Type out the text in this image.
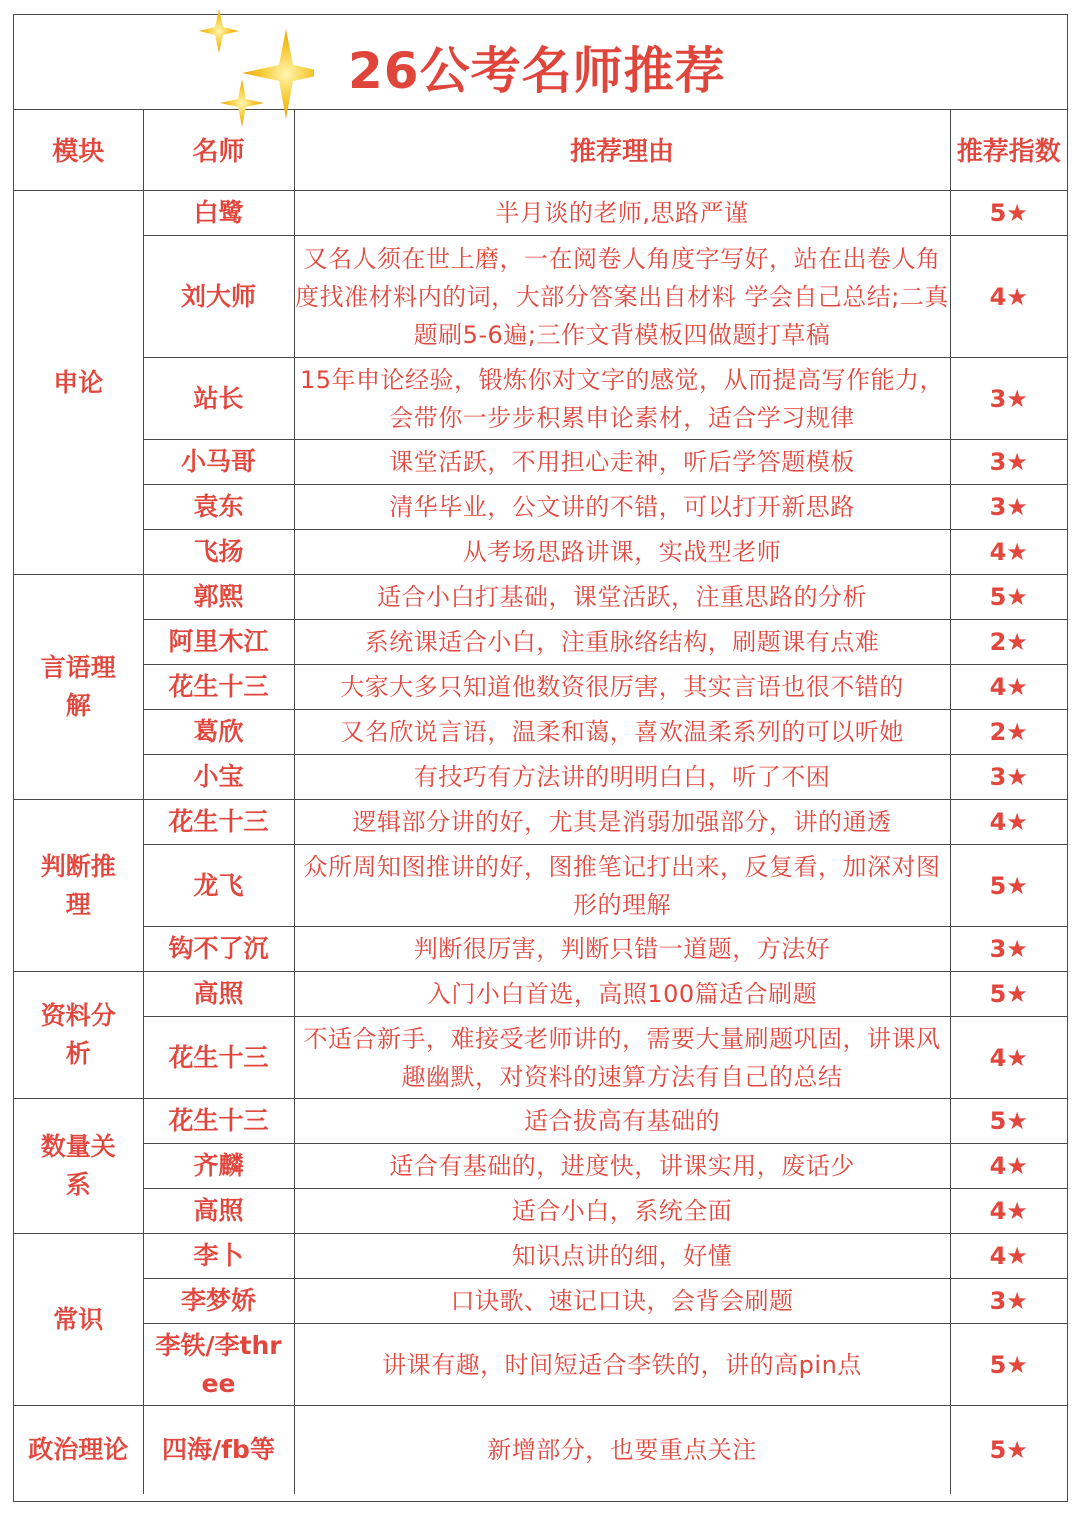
26公考名师推荐
模块	名师	推荐理由	推荐指数
申论	白鹭	半月谈的老师,思路严谨	5★
	刘大师	又名人须在世上磨，一在阅卷人角度字写好，站在出卷人角度找准材料内的词，大部分答案出自材料 学会自己总结;二真题刷5-6遍;三作文背模板四做题打草稿	4★
	站长	15年申论经验，锻炼你对文字的感觉，从而提高写作能力，会带你一步步积累申论素材，适合学习规律	3★
	小马哥	课堂活跃，不用担心走神，听后学答题模板	3★
	袁东	清华毕业，公文讲的不错，可以打开新思路	3★
	飞扬	从考场思路讲课，实战型老师	4★
言语理解	郭熙	适合小白打基础，课堂活跃，注重思路的分析	5★
	阿里木江	系统课适合小白，注重脉络结构，刷题课有点难	2★
	花生十三	大家大多只知道他数资很厉害，其实言语也很不错的	4★
	葛欣	又名欣说言语，温柔和蔼，喜欢温柔系列的可以听她	2★
	小宝	有技巧有方法讲的明明白白，听了不困	3★
判断推理	花生十三	逻辑部分讲的好，尤其是消弱加强部分，讲的通透	4★
	龙飞	众所周知图推讲的好，图推笔记打出来，反复看，加深对图形的理解	5★
	钩不了沉	判断很厉害，判断只错一道题，方法好	3★
资料分析	高照	入门小白首选，高照100篇适合刷题	5★
	花生十三	不适合新手，难接受老师讲的，需要大量刷题巩固，讲课风趣幽默，对资料的速算方法有自己的总结	4★
数量关系	花生十三	适合拔高有基础的	5★
	齐麟	适合有基础的，进度快，讲课实用，废话少	4★
	高照	适合小白，系统全面	4★
常识	李卜	知识点讲的细，好懂	4★
	李梦娇	口诀歌、速记口诀，会背会刷题	3★
	李铁/李three	讲课有趣，时间短适合李铁的，讲的高pin点	5★
政治理论	四海/fb等	新增部分，也要重点关注	5★
